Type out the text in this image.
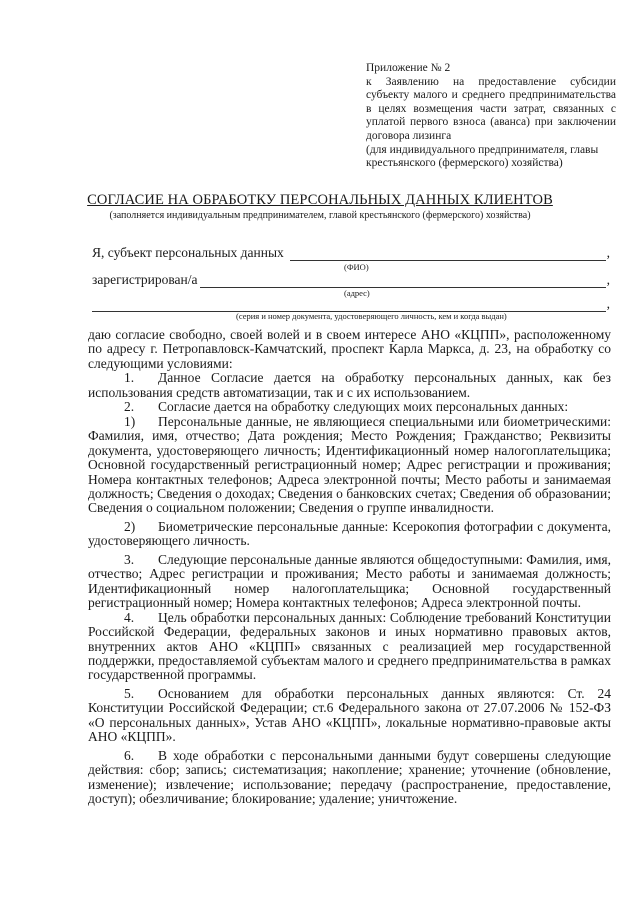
Приложение № 2

к Заявлению на предоставление субсидии субъекту малого и среднего предпринимательства в целях возмещения части затрат, связанных с уплатой первого взноса (аванса) при заключении договора лизинга

(для индивидуального предпринимателя, главы крестьянского (фермерского) хозяйства)

СОГЛАСИЕ НА ОБРАБОТКУ ПЕРСОНАЛЬНЫХ ДАННЫХ КЛИЕНТОВ
(заполняется индивидуальным предпринимателем, главой крестьянского (фермерского) хозяйства)
Я, субъект персональных данных	,
(ФИО)
зарегистрирован/а	,
(адрес)
,
(серия и номер документа, удостоверяющего личность, кем и когда выдан)

даю согласие свободно, своей волей и в своем интересе АНО «КЦПП», расположенному по адресу г. Петропавловск-Камчатский, проспект Карла Маркса, д. 23, на обработку со следующими условиями:

1. Данное Согласие дается на обработку персональных данных, как без использования средств автоматизации, так и с их использованием.

2. Согласие дается на обработку следующих моих персональных данных:

1) Персональные данные, не являющиеся специальными или биометрическими: Фамилия, имя, отчество; Дата рождения; Место Рождения; Гражданство; Реквизиты документа, удостоверяющего личность; Идентификационный номер налогоплательщика; Основной государственный регистрационный номер; Адрес регистрации и проживания; Номера контактных телефонов; Адреса электронной почты; Место работы и занимаемая должность; Сведения о доходах; Сведения о банковских счетах; Сведения об образовании; Сведения о социальном положении; Сведения о группе инвалидности.

2) Биометрические персональные данные: Ксерокопия фотографии с документа, удостоверяющего личность.

3. Следующие персональные данные являются общедоступными: Фамилия, имя, отчество; Адрес регистрации и проживания; Место работы и занимаемая должность; Идентификационный номер налогоплательщика; Основной государственный регистрационный номер; Номера контактных телефонов; Адреса электронной почты.

4. Цель обработки персональных данных: Соблюдение требований Конституции Российской Федерации, федеральных законов и иных нормативно правовых актов, внутренних актов АНО «КЦПП» связанных с реализацией мер государственной поддержки, предоставляемой субъектам малого и среднего предпринимательства в рамках государственной программы.

5. Основанием для обработки персональных данных являются: Ст. 24 Конституции Российской Федерации; ст.6 Федерального закона от 27.07.2006 № 152-ФЗ «О персональных данных», Устав АНО «КЦПП», локальные нормативно-правовые акты АНО «КЦПП».

6. В ходе обработки с персональными данными будут совершены следующие действия: сбор; запись; систематизация; накопление; хранение; уточнение (обновление, изменение); извлечение; использование; передачу (распространение, предоставление, доступ); обезличивание; блокирование; удаление; уничтожение.
